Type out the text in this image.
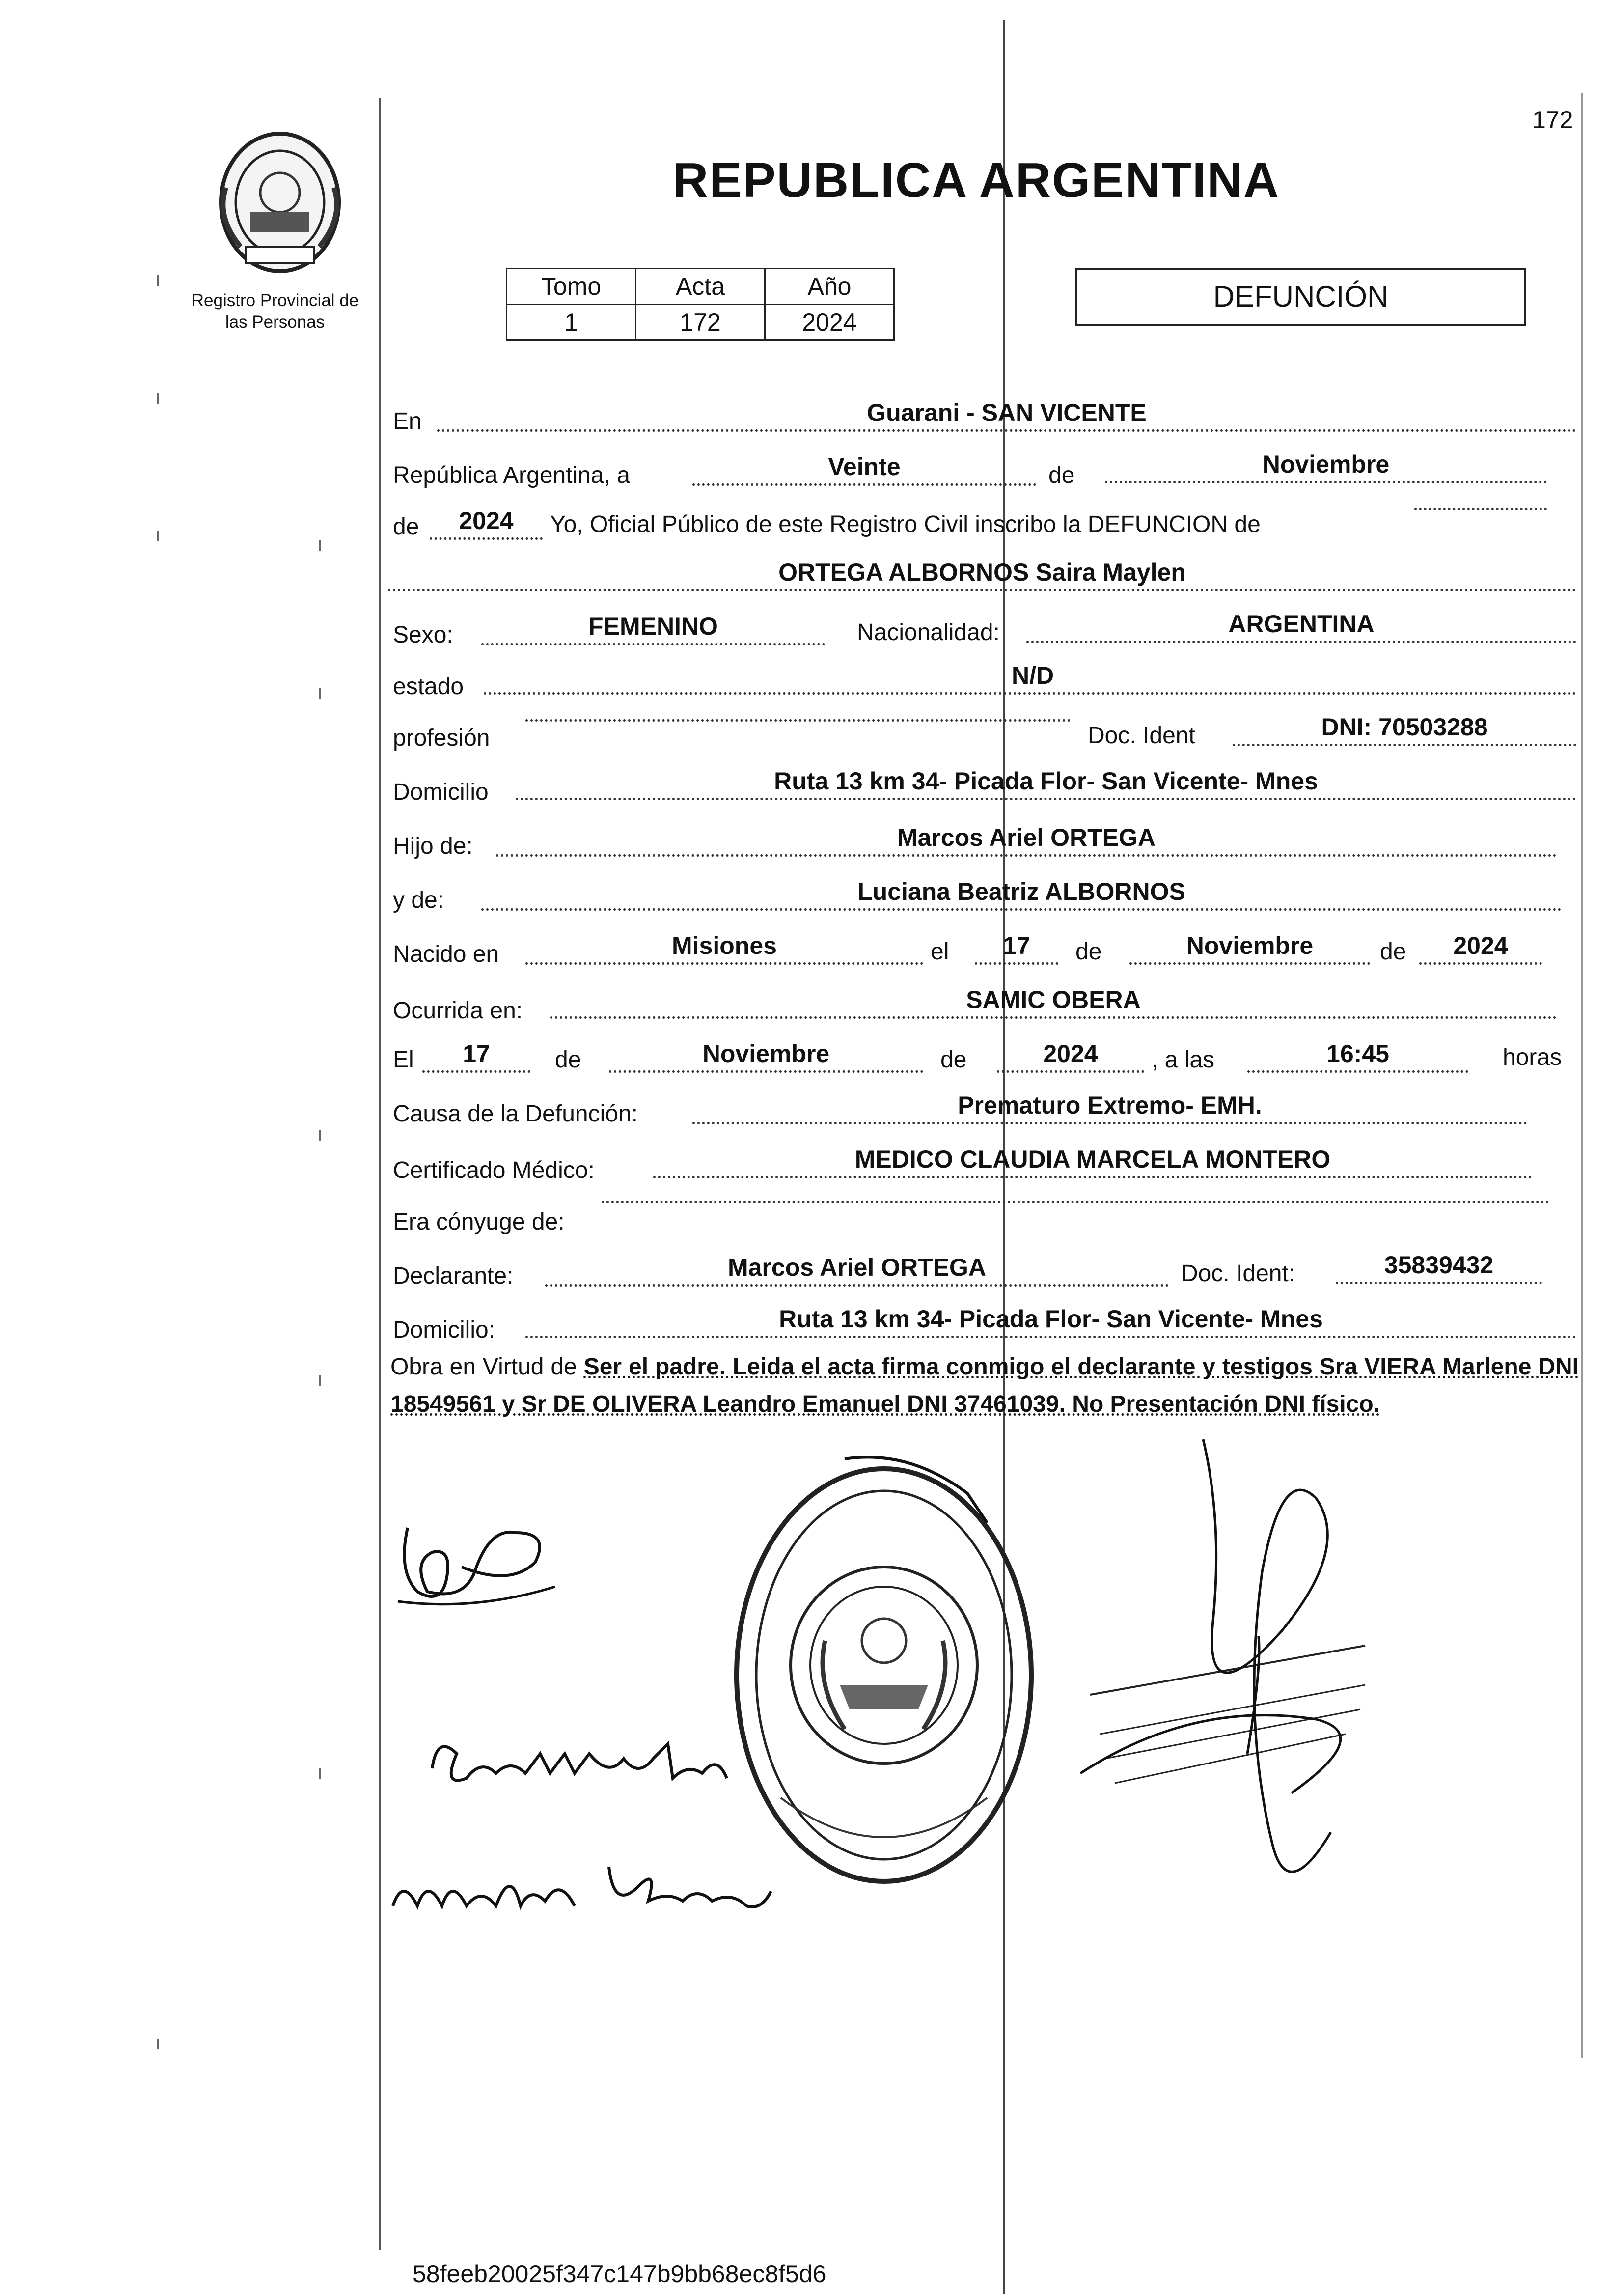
172
Registro Provincial de
las Personas
REPUBLICA ARGENTINA
Tomo	Acta	Año
1	172	2024
DEFUNCIÓN
En	Guarani - SAN VICENTE
República Argentina, a	Veinte	de	Noviembre
de	2024	Yo, Oficial Público de este Registro Civil inscribo la DEFUNCION de
ORTEGA ALBORNOS Saira Maylen
Sexo:	FEMENINO	Nacionalidad:	ARGENTINA
estado	N/D
profesión	Doc. Ident	DNI: 70503288
Domicilio	Ruta 13 km 34- Picada Flor- San Vicente- Mnes
Hijo de:	Marcos Ariel ORTEGA
y de:	Luciana Beatriz ALBORNOS
Nacido en	Misiones	el	17	de	Noviembre	de	2024
Ocurrida en:	SAMIC OBERA
El	17	de	Noviembre	de	2024	, a las	16:45	horas
Causa de la Defunción:	Prematuro Extremo- EMH.
Certificado Médico:	MEDICO CLAUDIA MARCELA MONTERO
Era cónyuge de:
Declarante:	Marcos Ariel ORTEGA	Doc. Ident:	35839432
Domicilio:	Ruta 13 km 34- Picada Flor- San Vicente- Mnes
Obra en Virtud de Ser el padre. Leida el acta firma conmigo el declarante y testigos Sra VIERA Marlene DNI 18549561 y Sr DE OLIVERA Leandro Emanuel DNI 37461039. No Presentación DNI físico.
58feeb20025f347c147b9bb68ec8f5d6
